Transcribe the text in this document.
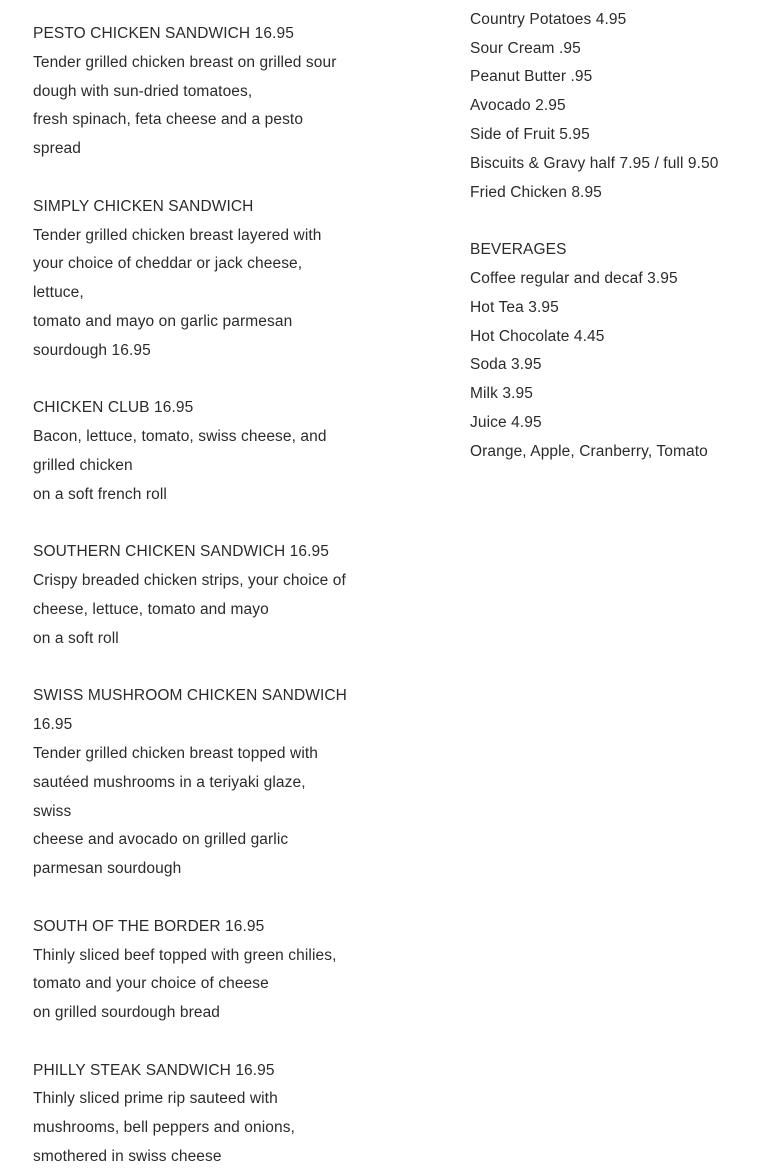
PESTO CHICKEN SANDWICH 16.95
Tender grilled chicken breast on grilled sour
dough with sun-dried tomatoes,
fresh spinach, feta cheese and a pesto
spread
SIMPLY CHICKEN SANDWICH
Tender grilled chicken breast layered with
your choice of cheddar or jack cheese,
lettuce,
tomato and mayo on garlic parmesan
sourdough 16.95
CHICKEN CLUB 16.95
Bacon, lettuce, tomato, swiss cheese, and
grilled chicken
on a soft french roll
SOUTHERN CHICKEN SANDWICH 16.95
Crispy breaded chicken strips, your choice of
cheese, lettuce, tomato and mayo
on a soft roll
SWISS MUSHROOM CHICKEN SANDWICH
16.95
Tender grilled chicken breast topped with
sautéed mushrooms in a teriyaki glaze,
swiss
cheese and avocado on grilled garlic
parmesan sourdough
SOUTH OF THE BORDER 16.95
Thinly sliced beef topped with green chilies,
tomato and your choice of cheese
on grilled sourdough bread
PHILLY STEAK SANDWICH 16.95
Thinly sliced prime rip sauteed with
mushrooms, bell peppers and onions,
smothered in swiss cheese
Country Potatoes 4.95
Sour Cream .95
Peanut Butter .95
Avocado 2.95
Side of Fruit 5.95
Biscuits & Gravy half 7.95 / full 9.50
Fried Chicken 8.95
BEVERAGES
Coffee regular and decaf 3.95
Hot Tea 3.95
Hot Chocolate 4.45
Soda 3.95
Milk 3.95
Juice 4.95
Orange, Apple, Cranberry, Tomato
